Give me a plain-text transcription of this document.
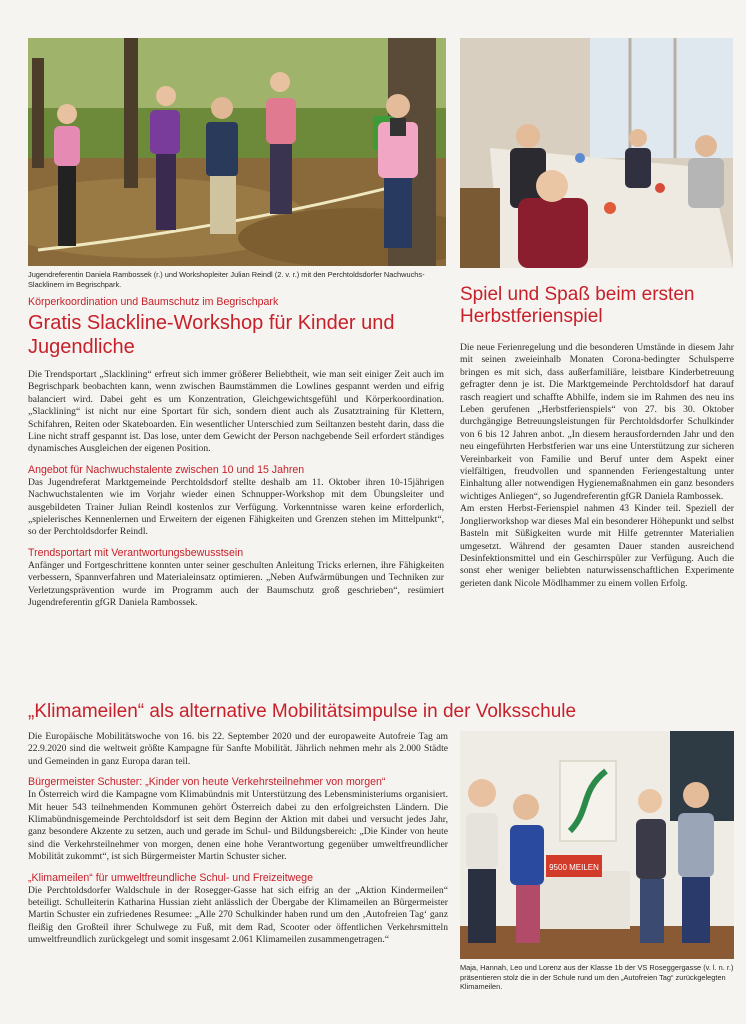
Jugendreferentin Daniela Rambossek (r.) und Workshopleiter Julian Reindl (2. v. r.) mit den Perchtoldsdorfer Nachwuchs-Slacklinern im Begrischpark.

Körperkoordination und Baumschutz im Begrischpark

Gratis Slackline-Workshop für Kinder und Jugendliche

Die Trendsportart „Slacklining“ erfreut sich immer größerer Beliebtheit, wie man seit einiger Zeit auch im Begrischpark beobachten kann, wenn zwischen Baumstämmen die Lowlines gespannt werden und eifrig balanciert wird. Dabei geht es um Konzentration, Gleichgewichtsgefühl und Körperkoordination. „Slacklining“ ist nicht nur eine Sportart für sich, sondern dient auch als Zusatztraining für Klettern, Schifahren, Reiten oder Skateboarden. Ein wesentlicher Unterschied zum Seiltanzen besteht darin, dass die Line nicht straff gespannt ist. Das lose, unter dem Gewicht der Person nachgebende Seil erfordert ständiges dynamisches Ausgleichen der eigenen Position.

Angebot für Nachwuchstalente zwischen 10 und 15 Jahren

Das Jugendreferat Marktgemeinde Perchtoldsdorf stellte deshalb am 11. Oktober ihren 10-15jährigen Nachwuchstalenten wie im Vorjahr wieder einen Schnupper-Workshop mit dem Übungsleiter und ausgebildeten Trainer Julian Reindl kostenlos zur Verfügung. Vorkenntnisse waren keine erforderlich, „spielerisches Kennenlernen und Erweitern der eigenen Fähigkeiten und Grenzen stehen im Mittelpunkt“, so der Perchtoldsdorfer Reindl.

Trendsportart mit Verantwortungsbewusstsein

Anfänger und Fortgeschrittene konnten unter seiner geschulten Anleitung Tricks erlernen, ihre Fähigkeiten verbessern, Spannverfahren und Materialeinsatz optimieren. „Neben Aufwärmübungen und Techniken zur Verletzungsprävention wurde im Programm auch der Baumschutz groß geschrieben“, resümiert Jugendreferentin gfGR Daniela Rambossek.

Spiel und Spaß beim ersten Herbstferienspiel

Die neue Ferienregelung und die besonderen Umstände in diesem Jahr mit seinen zweieinhalb Monaten Corona-bedingter Schulsperre bringen es mit sich, dass außerfamiliäre, leistbare Kinderbetreuung gefragter denn je ist. Die Marktgemeinde Perchtoldsdorf hat darauf rasch reagiert und schaffte Abhilfe, indem sie im Rahmen des neu ins Leben gerufenen „Herbstferienspiels“ von 27. bis 30. Oktober durchgängige Betreuungsleistungen für Perchtoldsdorfer Schulkinder von 6 bis 12 Jahren anbot. „In diesem herausfordernden Jahr und den neu eingeführten Herbstferien war uns eine Unterstützung zur sicheren Vereinbarkeit von Familie und Beruf unter dem Aspekt einer vielfältigen, freudvollen und spannenden Feriengestaltung unter Einhaltung aller notwendigen Hygienemaßnahmen ein ganz besonders wichtiges Anliegen“, so Jugendreferentin gfGR Daniela Rambossek.

Am ersten Herbst-Ferienspiel nahmen 43 Kinder teil. Speziell der Jonglierworkshop war dieses Mal ein besonderer Höhepunkt und selbst Basteln mit Süßigkeiten wurde mit Hilfe getrennter Materialien umgesetzt. Während der gesamten Dauer standen ausreichend Desinfektionsmittel und ein Geschirrspüler zur Verfügung. Auch die sonst eher weniger beliebten naturwissenschaftlichen Experimente gerieten dank Nicole Mödlhammer zu einem vollen Erfolg.

„Klimameilen“ als alternative Mobilitätsimpulse in der Volksschule

Die Europäische Mobilitätswoche von 16. bis 22. September 2020 und der europaweite Autofreie Tag am 22.9.2020 sind die weltweit größte Kampagne für Sanfte Mobilität. Jährlich nehmen mehr als 2.000 Städte und Gemeinden in ganz Europa daran teil.

Bürgermeister Schuster: „Kinder von heute Verkehrsteilnehmer von morgen“

In Österreich wird die Kampagne vom Klimabündnis mit Unterstützung des Lebensministeriums organisiert. Mit heuer 543 teilnehmenden Kommunen gehört Österreich dabei zu den erfolgreichsten Ländern. Die Klimabündnisgemeinde Perchtoldsdorf ist seit dem Beginn der Aktion mit dabei und versucht jedes Jahr, ganz besondere Akzente zu setzen, auch und gerade im Schul- und Bildungsbereich: „Die Kinder von heute sind die Verkehrsteilnehmer von morgen, denen eine hohe Verantwortung gegenüber umweltfreundlicher Mobilität zukommt“, ist sich Bürgermeister Martin Schuster sicher.

„Klimameilen“ für umweltfreundliche Schul- und Freizeitwege

Die Perchtoldsdorfer Waldschule in der Rosegger-Gasse hat sich eifrig an der „Aktion Kindermeilen“ beteiligt. Schulleiterin Katharina Hussian zieht anlässlich der Übergabe der Klimameilen an Bürgermeister Martin Schuster ein zufriedenes Resumee: „Alle 270 Schulkinder haben rund um den ‚Autofreien Tag‘ ganz fleißig den Großteil ihrer Schulwege zu Fuß, mit dem Rad, Scooter oder öffentlichen Verkehrsmitteln umweltfreundlich zurückgelegt und somit insgesamt 2.061 Klimameilen zusammengetragen.“

9500 MEILEN

Maja, Hannah, Leo und Lorenz aus der Klasse 1b der VS Roseggergasse (v. l. n. r.) präsentieren stolz die in der Schule rund um den „Autofreien Tag“ zurückgelegten Klimameilen.
